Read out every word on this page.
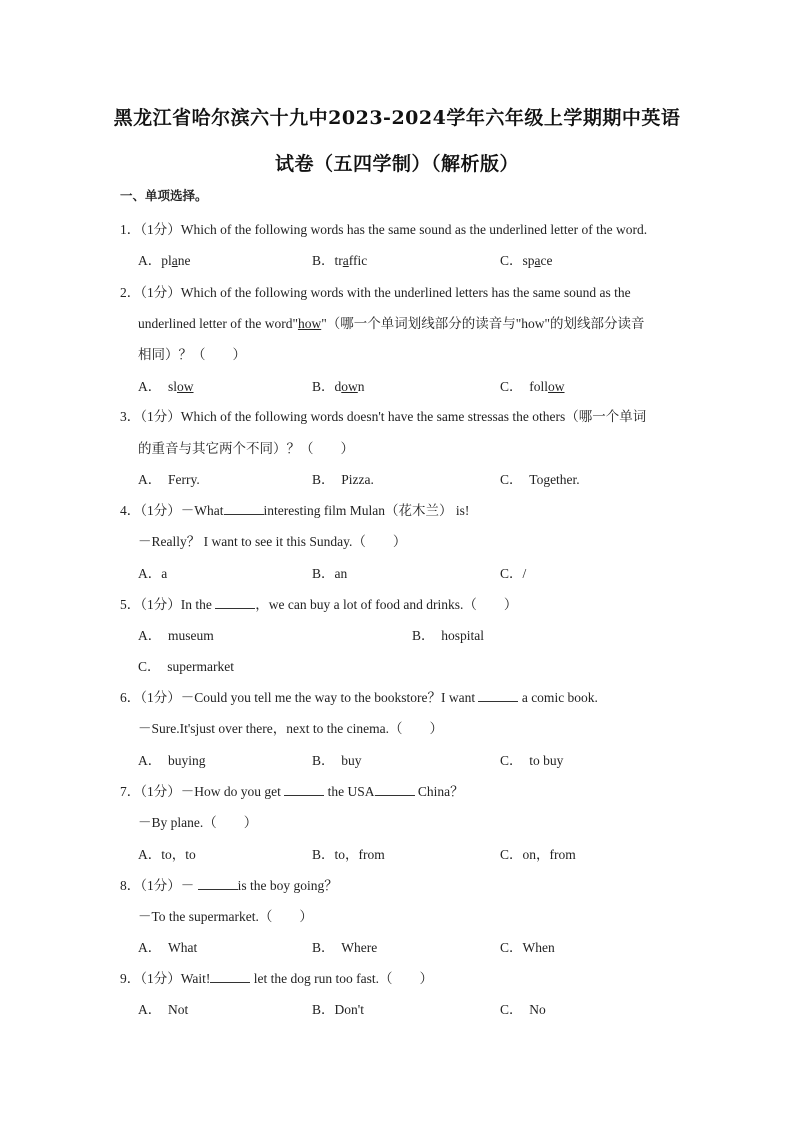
黑龙江省哈尔滨六十九中2023-2024学年六年级上学期期中英语
试卷（五四学制）（解析版）
一、单项选择。
1．（1分）Which of the following words has the same sound as the underlined letter of the word.
A．plane	B．traffic	C．space
2．（1分）Which of the following words with the underlined letters has the same sound as the
underlined letter of the word"how"（哪一个单词划线部分的读音与"how"的划线部分读音
相同）？（　　）
A． slow	B．down	C． follow
3．（1分）Which of the following words doesn't have the same stressas the others（哪一个单词
的重音与其它两个不同）？（　　）
A． Ferry.	B． Pizza.	C． Together.
4．（1分）－What	interesting film Mulan（花木兰） is!
－Really？ I want to see it this Sunday.（　　）
A．a	B．an	C．/
5．（1分）In the	，we can buy a lot of food and drinks.（　　）
A． museum	B． hospital
C． supermarket
6．（1分）－Could you tell me the way to the bookstore？I want	a comic book.
－Sure.It'sjust over there，next to the cinema.（　　）
A． buying	B． buy	C． to buy
7．（1分）－How do you get	the USA	China？
－By plane.（　　）
A．to，to	B．to，from	C．on，from
8．（1分）－	is the boy going？
－To the supermarket.（　　）
A． What	B． Where	C．When
9．（1分）Wait!	let the dog run too fast.（　　）
A． Not	B．Don't	C． No
